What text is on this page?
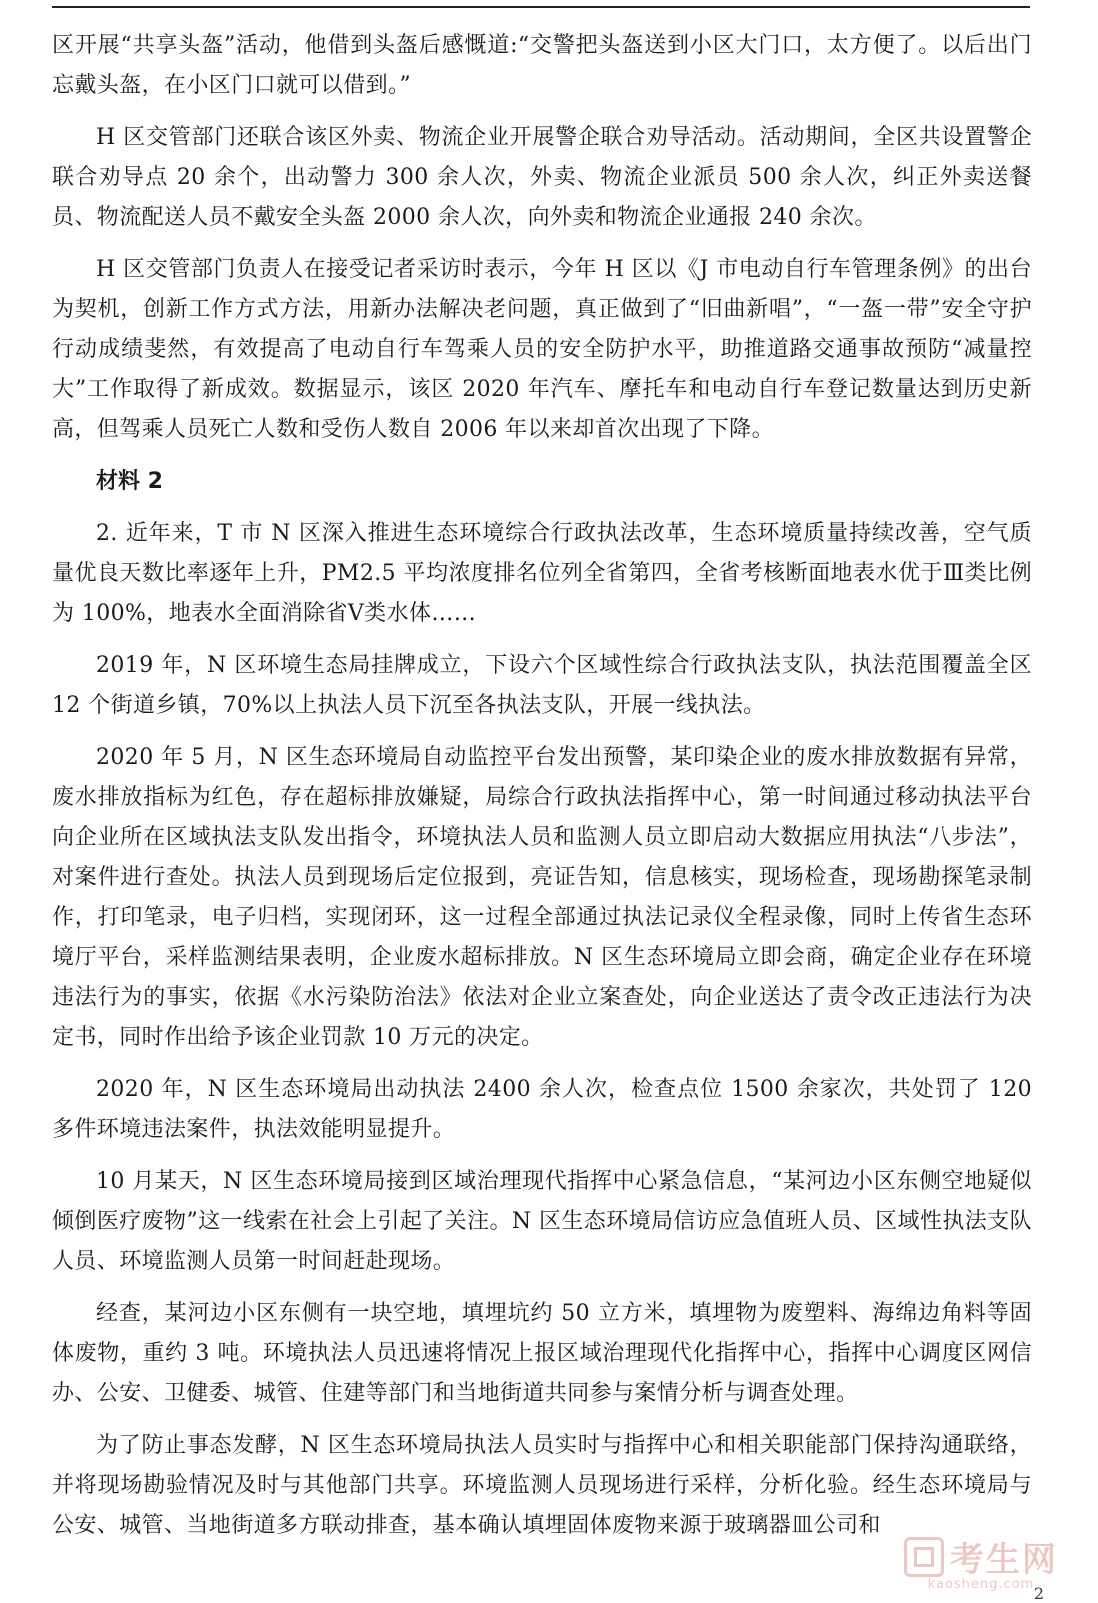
区开展“共享头盔”活动，他借到头盔后感慨道:“交警把头盔送到小区大门口，太方便了。以后出门忘戴头盔，在小区门口就可以借到。”

H 区交管部门还联合该区外卖、物流企业开展警企联合劝导活动。活动期间，全区共设置警企联合劝导点 20 余个，出动警力 300 余人次，外卖、物流企业派员 500 余人次，纠正外卖送餐员、物流配送人员不戴安全头盔 2000 余人次，向外卖和物流企业通报 240 余次。

H 区交管部门负责人在接受记者采访时表示，今年 H 区以《J 市电动自行车管理条例》的出台为契机，创新工作方式方法，用新办法解决老问题，真正做到了“旧曲新唱”，“一盔一带”安全守护行动成绩斐然，有效提高了电动自行车驾乘人员的安全防护水平，助推道路交通事故预防“减量控大”工作取得了新成效。数据显示，该区 2020 年汽车、摩托车和电动自行车登记数量达到历史新高，但驾乘人员死亡人数和受伤人数自 2006 年以来却首次出现了下降。

材料 2

2. 近年来，T 市 N 区深入推进生态环境综合行政执法改革，生态环境质量持续改善，空气质量优良天数比率逐年上升，PM2.5 平均浓度排名位列全省第四，全省考核断面地表水优于Ⅲ类比例为 100%，地表水全面消除省Ⅴ类水体……

2019 年，N 区环境生态局挂牌成立，下设六个区域性综合行政执法支队，执法范围覆盖全区 12 个街道乡镇，70%以上执法人员下沉至各执法支队，开展一线执法。

2020 年 5 月，N 区生态环境局自动监控平台发出预警，某印染企业的废水排放数据有异常，废水排放指标为红色，存在超标排放嫌疑，局综合行政执法指挥中心，第一时间通过移动执法平台向企业所在区域执法支队发出指令，环境执法人员和监测人员立即启动大数据应用执法“八步法”，对案件进行查处。执法人员到现场后定位报到，亮证告知，信息核实，现场检查，现场勘探笔录制作，打印笔录，电子归档，实现闭环，这一过程全部通过执法记录仪全程录像，同时上传省生态环境厅平台，采样监测结果表明，企业废水超标排放。N 区生态环境局立即会商，确定企业存在环境违法行为的事实，依据《水污染防治法》依法对企业立案查处，向企业送达了责令改正违法行为决定书，同时作出给予该企业罚款 10 万元的决定。

2020 年，N 区生态环境局出动执法 2400 余人次，检查点位 1500 余家次，共处罚了 120 多件环境违法案件，执法效能明显提升。

10 月某天，N 区生态环境局接到区域治理现代指挥中心紧急信息，“某河边小区东侧空地疑似倾倒医疗废物”这一线索在社会上引起了关注。N 区生态环境局信访应急值班人员、区域性执法支队人员、环境监测人员第一时间赶赴现场。

经查，某河边小区东侧有一块空地，填埋坑约 50 立方米，填埋物为废塑料、海绵边角料等固体废物，重约 3 吨。环境执法人员迅速将情况上报区域治理现代化指挥中心，指挥中心调度区网信办、公安、卫健委、城管、住建等部门和当地街道共同参与案情分析与调查处理。

为了防止事态发酵，N 区生态环境局执法人员实时与指挥中心和相关职能部门保持沟通联络，并将现场勘验情况及时与其他部门共享。环境监测人员现场进行采样，分析化验。经生态环境局与公安、城管、当地街道多方联动排查，基本确认填埋固体废物来源于玻璃器皿公司和

考生网
kaosheng.com 2
